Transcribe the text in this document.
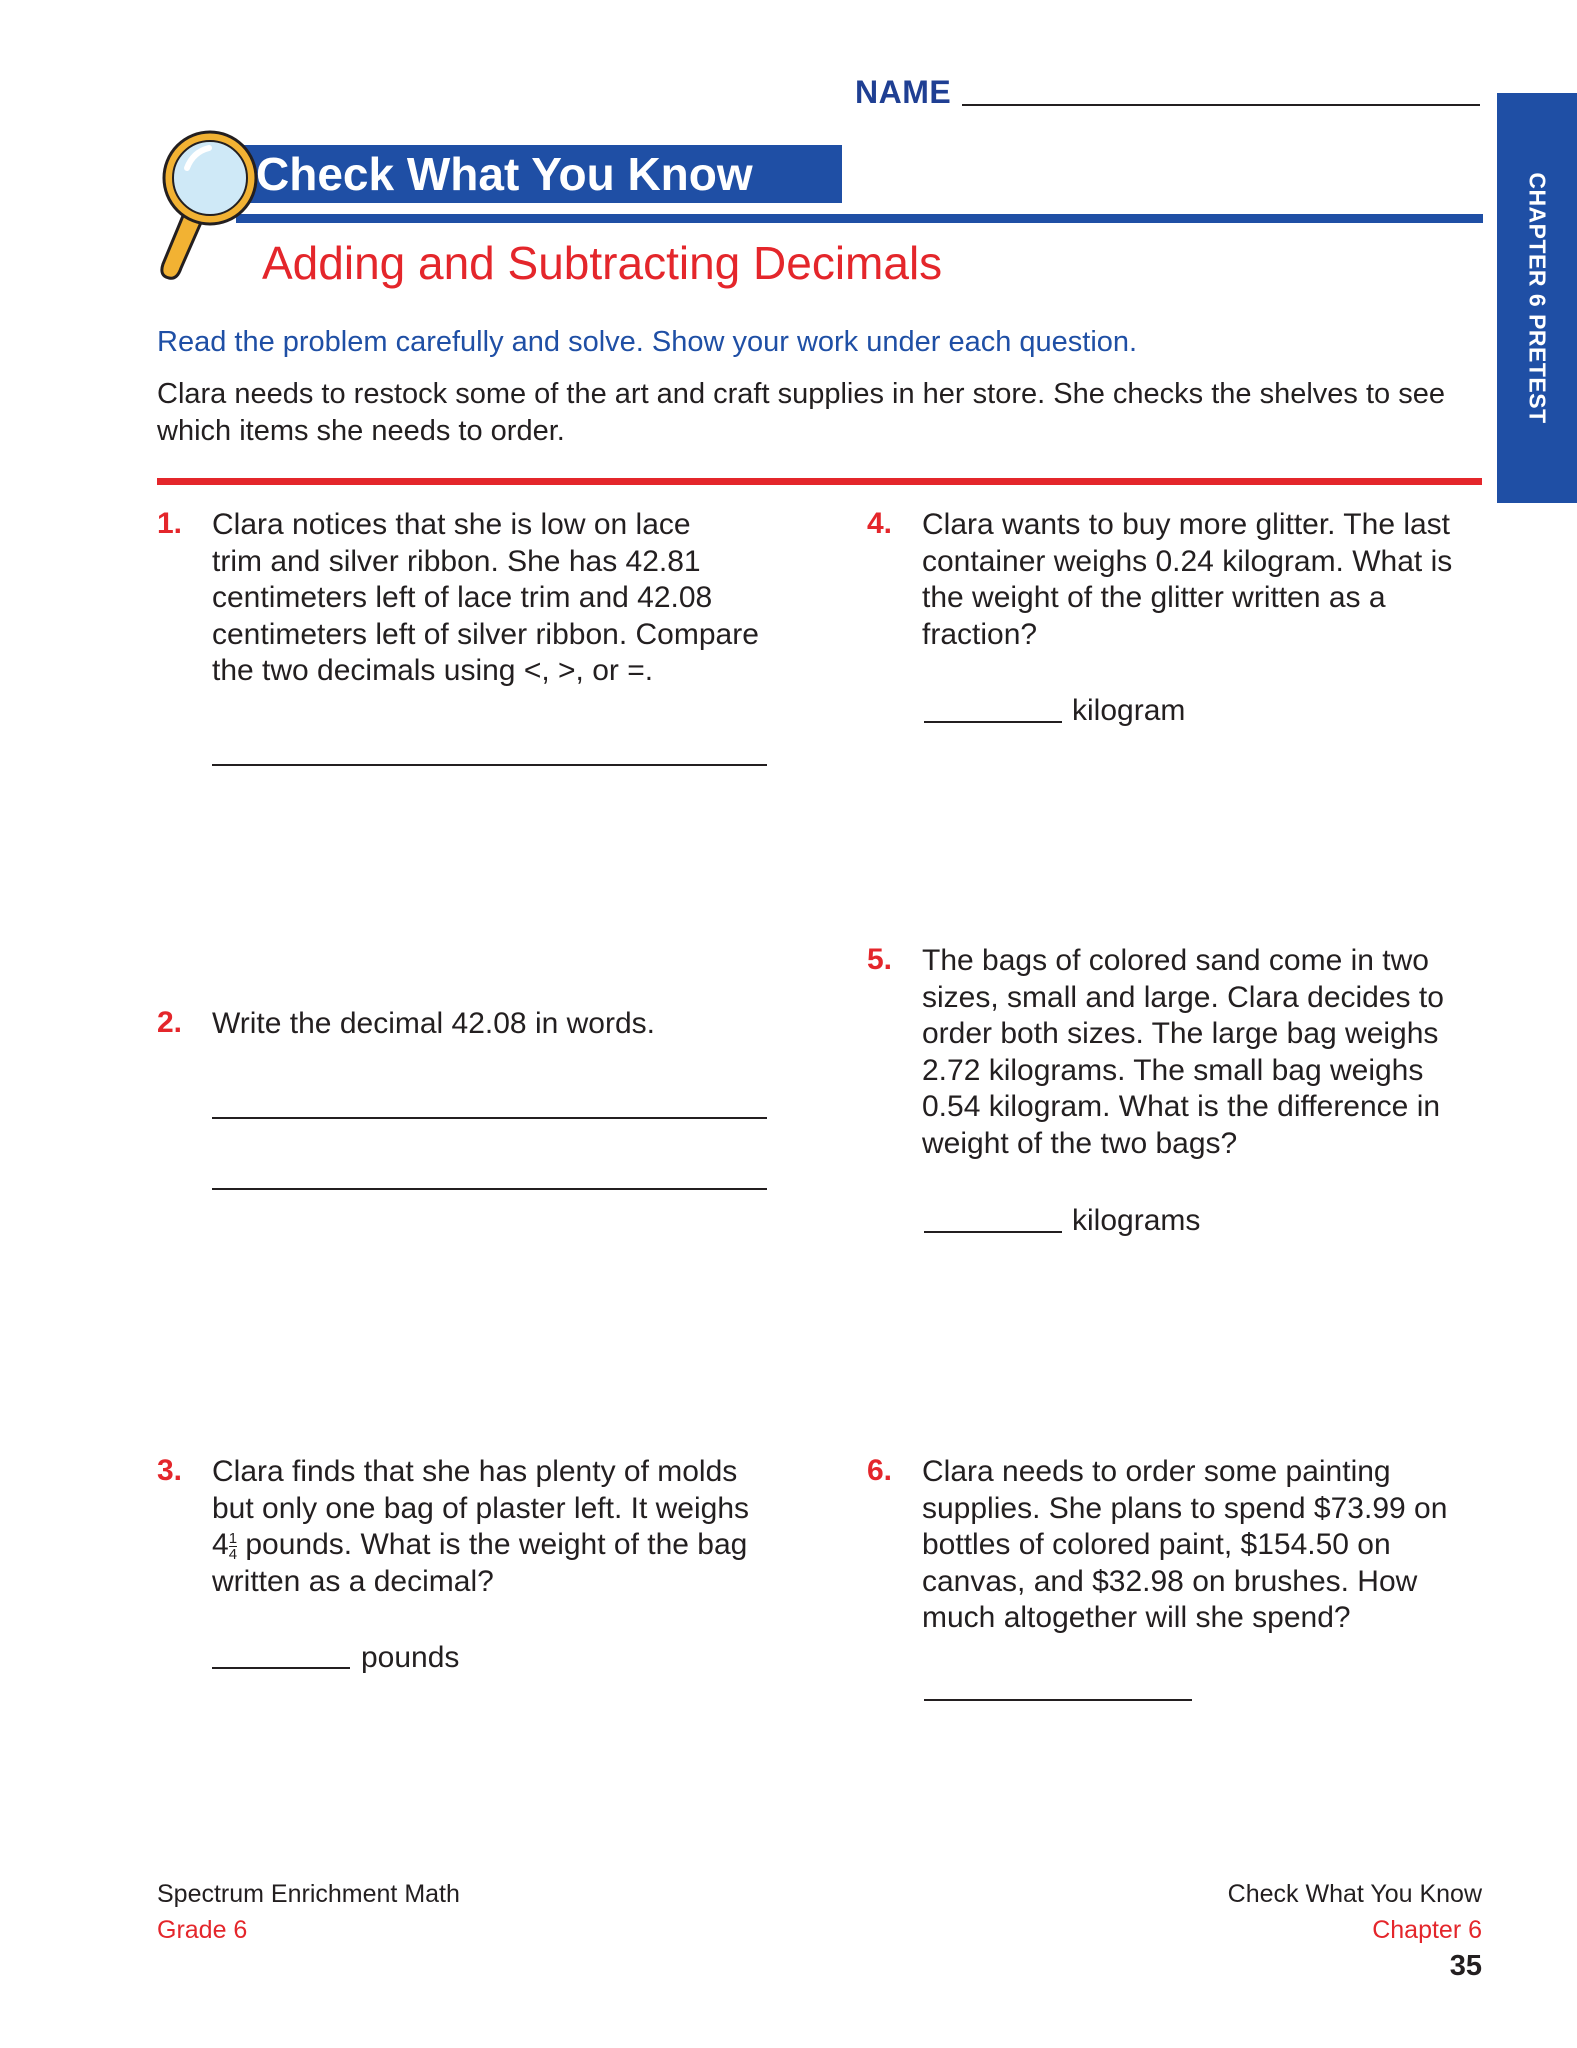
NAME
CHAPTER 6 PRETEST
Check What You Know
Adding and Subtracting Decimals
Read the problem carefully and solve. Show your work under each question.
Clara needs to restock some of the art and craft supplies in her store. She checks the shelves to see which items she needs to order.
1. Clara notices that she is low on lace
trim and silver ribbon. She has 42.81
centimeters left of lace trim and 42.08
centimeters left of silver ribbon. Compare
the two decimals using <, >, or =.
2. Write the decimal 42.08 in words.
3. Clara finds that she has plenty of molds
but only one bag of plaster left. It weighs
$4 \frac{1}{4}$ pounds. What is the weight of the bag
written as a decimal?
pounds
4. Clara wants to buy more glitter. The last
container weighs 0.24 kilogram. What is
the weight of the glitter written as a
fraction?
kilogram
5. The bags of colored sand come in two
sizes, small and large. Clara decides to
order both sizes. The large bag weighs
2.72 kilograms. The small bag weighs
0.54 kilogram. What is the difference in
weight of the two bags?
kilograms
6. Clara needs to order some painting
supplies. She plans to spend $73.99 on
bottles of colored paint, $154.50 on
canvas, and $32.98 on brushes. How
much altogether will she spend?
Spectrum Enrichment Math
Grade 6
Check What You Know
Chapter 6
35
